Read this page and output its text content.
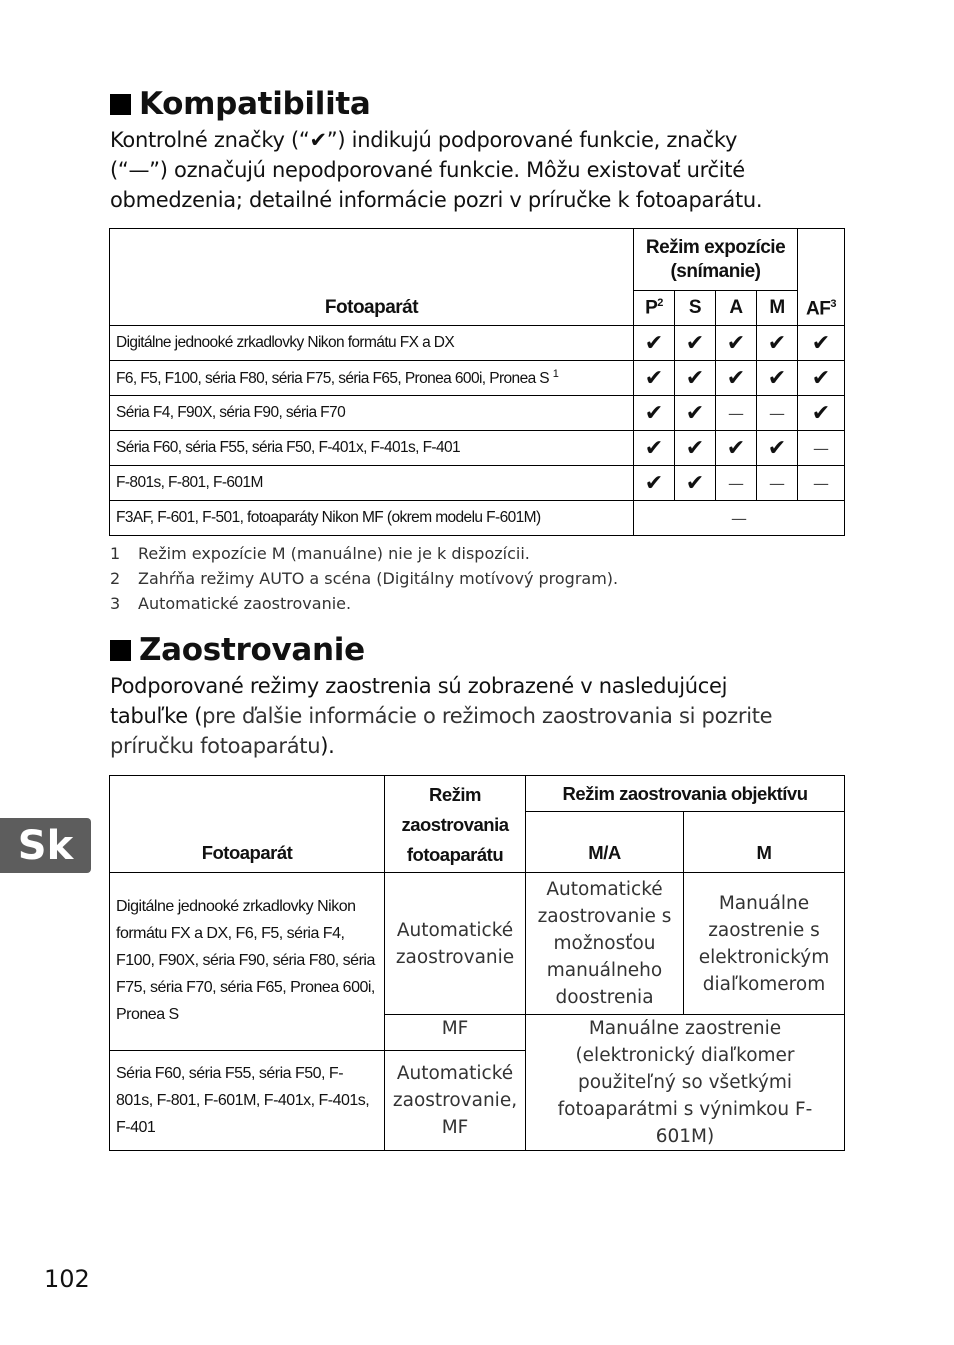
Kompatibilita
Kontrolné značky (“✔”) indikujú podporované funkcie, značky
(“—”) označujú nepodporované funkcie. Môžu existovať určité
obmedzenia; detailné informácie pozri v príručke k fotoaparátu.
Fotoaparát	Režim expozície (snímanie)				$AF^3$
	$P^2$	S	A	M	
Digitálne jednooké zrkadlovky Nikon formátu FX a DX	✔	✔	✔	✔	✔
F6, F5, F100, séria F80, séria F75, séria F65, Pronea 600i, Pronea S $^1$	✔	✔	✔	✔	✔
Séria F4, F90X, séria F90, séria F70	✔	✔	—	—	✔
Séria F60, séria F55, séria F50, F-401x, F-401s, F-401	✔	✔	✔	✔	—
F-801s, F-801, F-601M	✔	✔	—	—	—
F3AF, F-601, F-501, fotoaparáty Nikon MF (okrem modelu F-601M)	—				
1 Režim expozície M (manuálne) nie je k dispozícii.
2 Zahŕňa režimy AUTO a scéna (Digitálny motívový program).
3 Automatické zaostrovanie.
Zaostrovanie
Podporované režimy zaostrenia sú zobrazené v nasledujúcej
tabuľke (pre ďalšie informácie o režimoch zaostrovania si pozrite
príručku fotoaparátu).
Fotoaparát	Režim zaostrovania fotoaparátu	Režim zaostrovania objektívu	
		M/A	M
Digitálne jednooké zrkadlovky Nikon formátu FX a DX, F6, F5, séria F4, F100, F90X, séria F90, séria F80, séria F75, séria F70, séria F65, Pronea 600i, Pronea S	Automatické zaostrovanie	Automatické zaostrovanie s možnosťou manuálneho doostrenia	Manuálne zaostrenie s elektronickým diaľkomerom
	MF	Manuálne zaostrenie (elektronický diaľkomer použiteľný so všetkými fotoaparátmi s výnimkou F-601M)	
Séria F60, séria F55, séria F50, F-801s, F-801, F-601M, F-401x, F-401s, F-401	Automatické zaostrovanie, MF		
Sk
102
